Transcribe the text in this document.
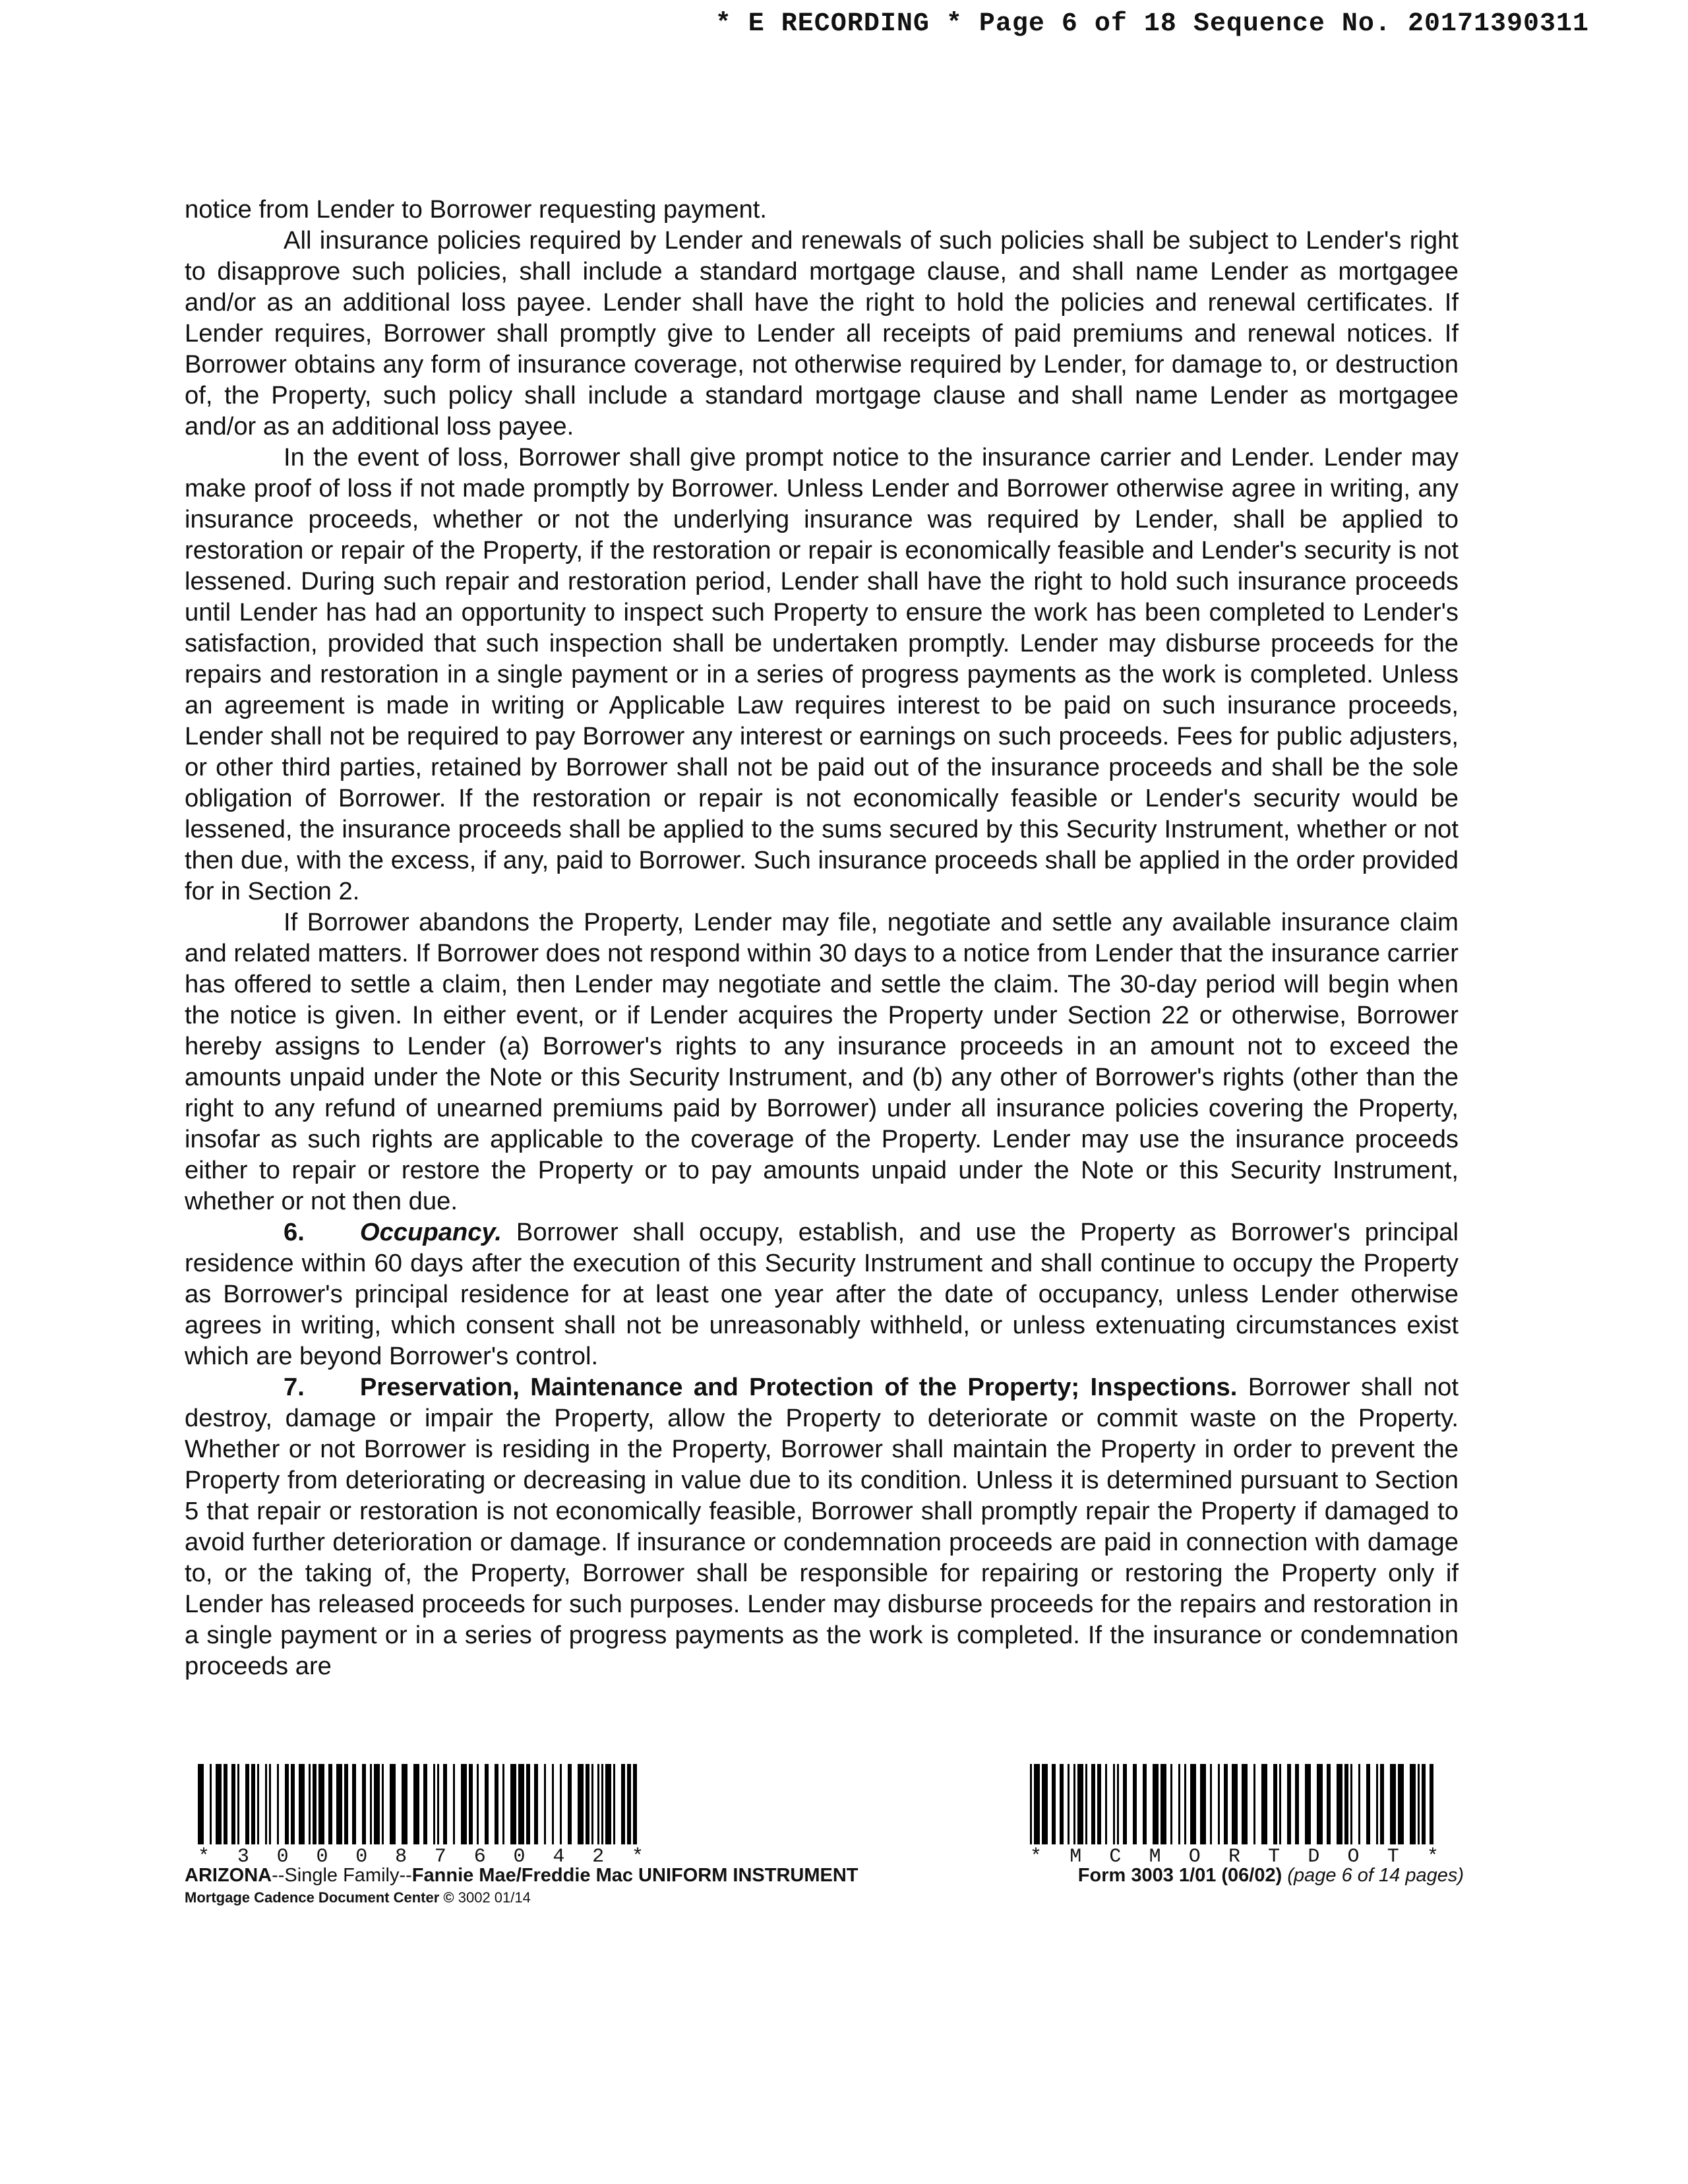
* E RECORDING * Page 6 of 18 Sequence No. 20171390311

notice from Lender to Borrower requesting payment.

All insurance policies required by Lender and renewals of such policies shall be subject to Lender's right to disapprove such policies, shall include a standard mortgage clause, and shall name Lender as mortgagee and/or as an additional loss payee. Lender shall have the right to hold the policies and renewal certificates. If Lender requires, Borrower shall promptly give to Lender all receipts of paid premiums and renewal notices. If Borrower obtains any form of insurance coverage, not otherwise required by Lender, for damage to, or destruction of, the Property, such policy shall include a standard mortgage clause and shall name Lender as mortgagee and/or as an additional loss payee.

In the event of loss, Borrower shall give prompt notice to the insurance carrier and Lender. Lender may make proof of loss if not made promptly by Borrower. Unless Lender and Borrower otherwise agree in writing, any insurance proceeds, whether or not the underlying insurance was required by Lender, shall be applied to restoration or repair of the Property, if the restoration or repair is economically feasible and Lender's security is not lessened. During such repair and restoration period, Lender shall have the right to hold such insurance proceeds until Lender has had an opportunity to inspect such Property to ensure the work has been completed to Lender's satisfaction, provided that such inspection shall be undertaken promptly. Lender may disburse proceeds for the repairs and restoration in a single payment or in a series of progress payments as the work is completed. Unless an agreement is made in writing or Applicable Law requires interest to be paid on such insurance proceeds, Lender shall not be required to pay Borrower any interest or earnings on such proceeds. Fees for public adjusters, or other third parties, retained by Borrower shall not be paid out of the insurance proceeds and shall be the sole obligation of Borrower. If the restoration or repair is not economically feasible or Lender's security would be lessened, the insurance proceeds shall be applied to the sums secured by this Security Instrument, whether or not then due, with the excess, if any, paid to Borrower. Such insurance proceeds shall be applied in the order provided for in Section 2.

If Borrower abandons the Property, Lender may file, negotiate and settle any available insurance claim and related matters. If Borrower does not respond within 30 days to a notice from Lender that the insurance carrier has offered to settle a claim, then Lender may negotiate and settle the claim. The 30-day period will begin when the notice is given. In either event, or if Lender acquires the Property under Section 22 or otherwise, Borrower hereby assigns to Lender (a) Borrower's rights to any insurance proceeds in an amount not to exceed the amounts unpaid under the Note or this Security Instrument, and (b) any other of Borrower's rights (other than the right to any refund of unearned premiums paid by Borrower) under all insurance policies covering the Property, insofar as such rights are applicable to the coverage of the Property. Lender may use the insurance proceeds either to repair or restore the Property or to pay amounts unpaid under the Note or this Security Instrument, whether or not then due.

6. Occupancy. Borrower shall occupy, establish, and use the Property as Borrower's principal residence within 60 days after the execution of this Security Instrument and shall continue to occupy the Property as Borrower's principal residence for at least one year after the date of occupancy, unless Lender otherwise agrees in writing, which consent shall not be unreasonably withheld, or unless extenuating circumstances exist which are beyond Borrower's control.

7. Preservation, Maintenance and Protection of the Property; Inspections. Borrower shall not destroy, damage or impair the Property, allow the Property to deteriorate or commit waste on the Property. Whether or not Borrower is residing in the Property, Borrower shall maintain the Property in order to prevent the Property from deteriorating or decreasing in value due to its condition. Unless it is determined pursuant to Section 5 that repair or restoration is not economically feasible, Borrower shall promptly repair the Property if damaged to avoid further deterioration or damage. If insurance or condemnation proceeds are paid in connection with damage to, or the taking of, the Property, Borrower shall be responsible for repairing or restoring the Property only if Lender has released proceeds for such purposes. Lender may disburse proceeds for the repairs and restoration in a single payment or in a series of progress payments as the work is completed. If the insurance or condemnation proceeds are

* 3 0 0 0 8 7 6 0 4 2 *	* M C M O R T D O T *
ARIZONA--Single Family--Fannie Mae/Freddie Mac UNIFORM INSTRUMENT
Mortgage Cadence Document Center © 3002 01/14
Form 3003 1/01 (06/02) (page 6 of 14 pages)
